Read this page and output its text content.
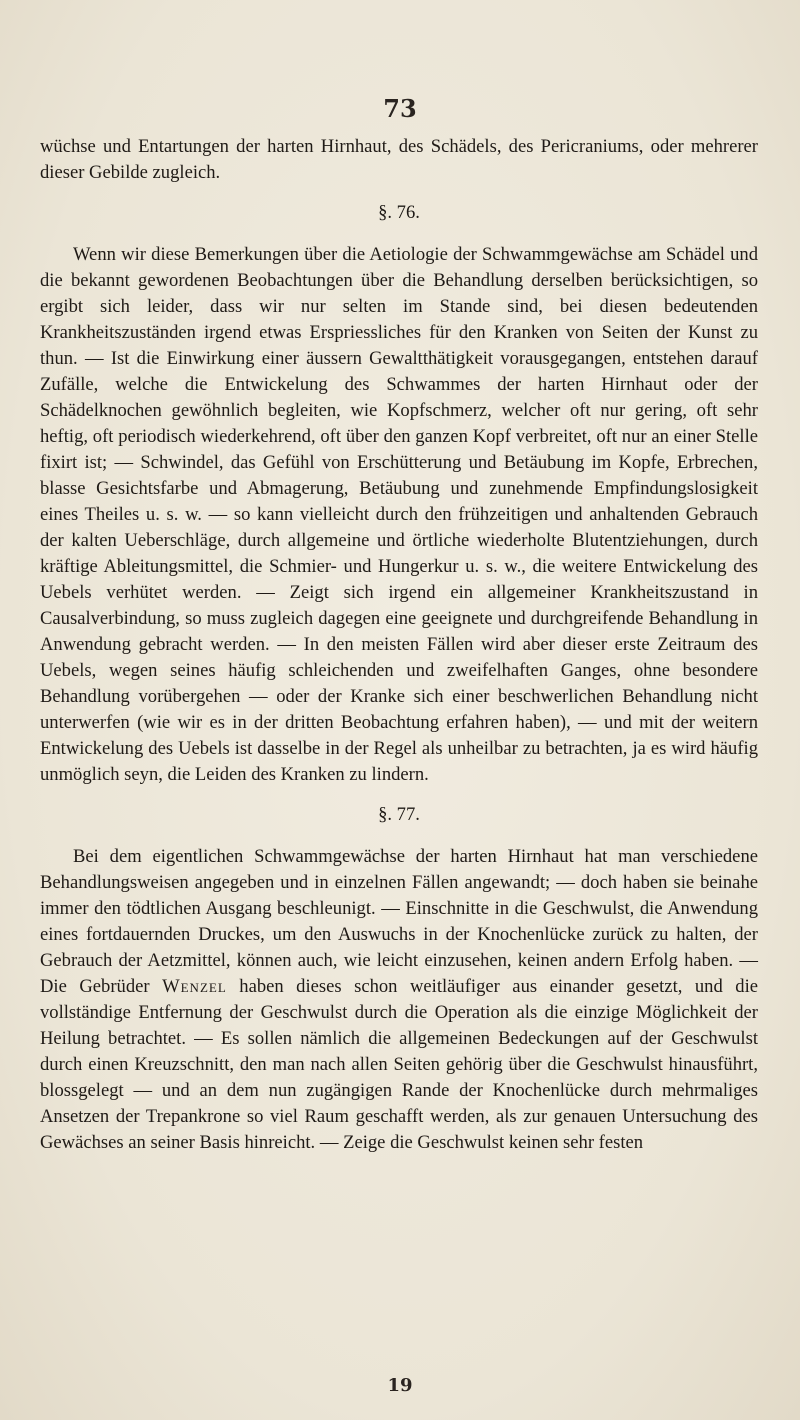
73

wüchse und Entartungen der harten Hirnhaut, des Schädels, des Pericraniums, oder mehrerer dieser Gebilde zugleich.

§. 76.

Wenn wir diese Bemerkungen über die Aetiologie der Schwammgewächse am Schädel und die bekannt gewordenen Beobachtungen über die Behandlung derselben berücksichtigen, so ergibt sich leider, dass wir nur selten im Stande sind, bei diesen bedeutenden Krankheitszuständen irgend etwas Erspriessliches für den Kranken von Seiten der Kunst zu thun. — Ist die Einwirkung einer äussern Gewaltthätigkeit vorausgegangen, entstehen darauf Zufälle, welche die Entwickelung des Schwammes der harten Hirnhaut oder der Schädelknochen gewöhnlich begleiten, wie Kopfschmerz, welcher oft nur gering, oft sehr heftig, oft periodisch wiederkehrend, oft über den ganzen Kopf verbreitet, oft nur an einer Stelle fixirt ist; — Schwindel, das Gefühl von Erschütterung und Betäubung im Kopfe, Erbrechen, blasse Gesichtsfarbe und Abmagerung, Betäubung und zunehmende Empfindungslosigkeit eines Theiles u. s. w. — so kann vielleicht durch den frühzeitigen und anhaltenden Gebrauch der kalten Ueberschläge, durch allgemeine und örtliche wiederholte Blutentziehungen, durch kräftige Ableitungsmittel, die Schmier- und Hungerkur u. s. w., die weitere Entwickelung des Uebels verhütet werden. — Zeigt sich irgend ein allgemeiner Krankheitszustand in Causalverbindung, so muss zugleich dagegen eine geeignete und durchgreifende Behandlung in Anwendung gebracht werden. — In den meisten Fällen wird aber dieser erste Zeitraum des Uebels, wegen seines häufig schleichenden und zweifelhaften Ganges, ohne besondere Behandlung vorübergehen — oder der Kranke sich einer beschwerlichen Behandlung nicht unterwerfen (wie wir es in der dritten Beobachtung erfahren haben), — und mit der weitern Entwickelung des Uebels ist dasselbe in der Regel als unheilbar zu betrachten, ja es wird häufig unmöglich seyn, die Leiden des Kranken zu lindern.

§. 77.

Bei dem eigentlichen Schwammgewächse der harten Hirnhaut hat man verschiedene Behandlungsweisen angegeben und in einzelnen Fällen angewandt; — doch haben sie beinahe immer den tödtlichen Ausgang beschleunigt. — Einschnitte in die Geschwulst, die Anwendung eines fortdauernden Druckes, um den Auswuchs in der Knochenlücke zurück zu halten, der Gebrauch der Aetzmittel, können auch, wie leicht einzusehen, keinen andern Erfolg haben. — Die Gebrüder Wenzel haben dieses schon weitläufiger aus einander gesetzt, und die vollständige Entfernung der Geschwulst durch die Operation als die einzige Möglichkeit der Heilung betrachtet. — Es sollen nämlich die allgemeinen Bedeckungen auf der Geschwulst durch einen Kreuzschnitt, den man nach allen Seiten gehörig über die Geschwulst hinausführt, blossgelegt — und an dem nun zugängigen Rande der Knochenlücke durch mehrmaliges Ansetzen der Trepankrone so viel Raum geschafft werden, als zur genauen Untersuchung des Gewächses an seiner Basis hinreicht. — Zeige die Geschwulst keinen sehr festen

19
